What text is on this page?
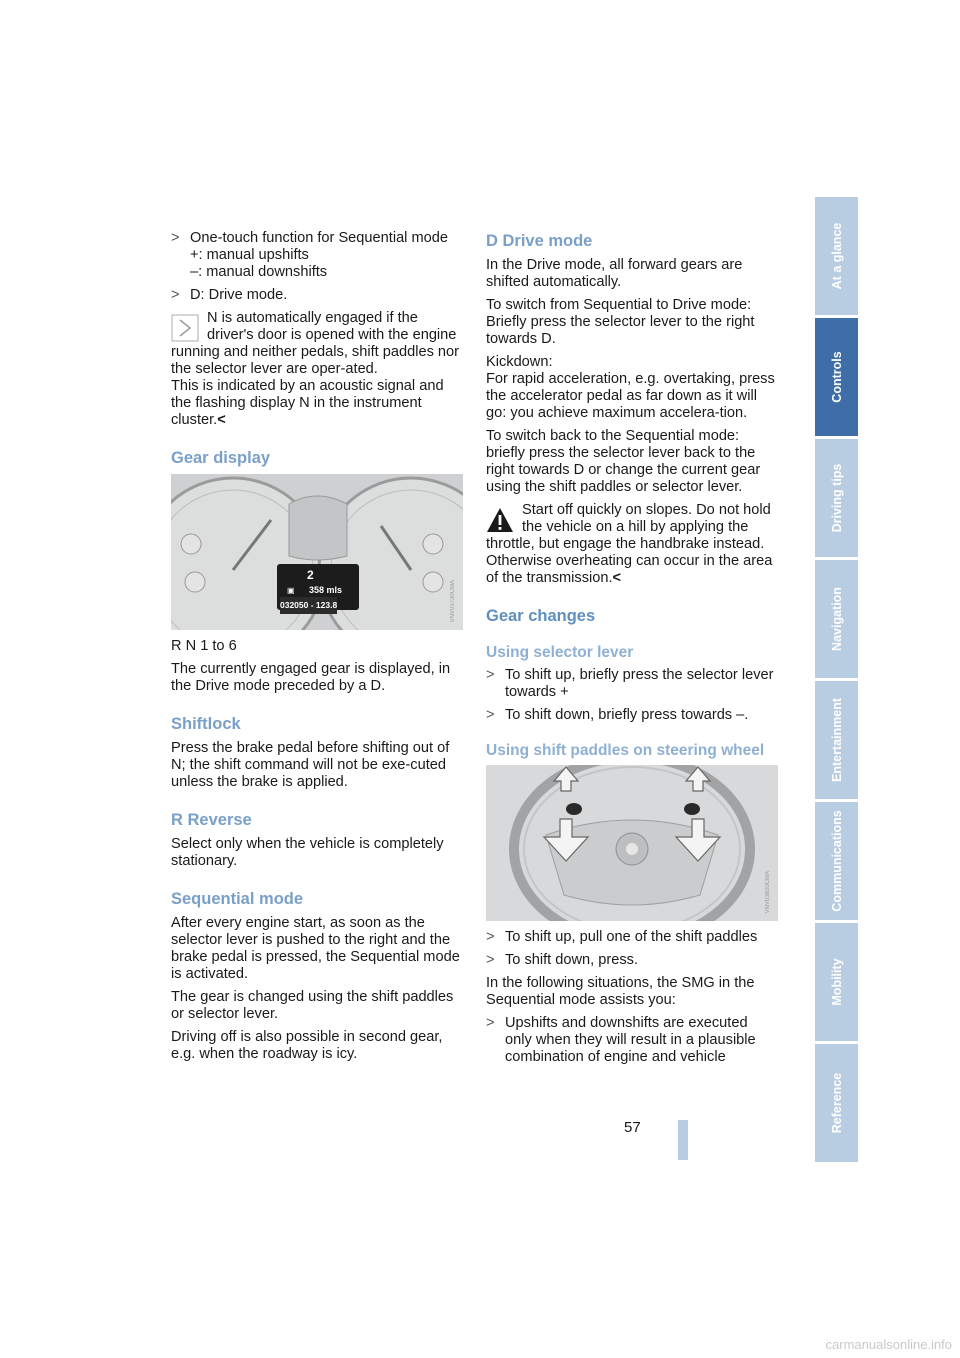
> One-touch function for Sequential mode
+: manual upshifts
–: manual downshifts
> D: Drive mode.
N is automatically engaged if the driver's door is opened with the engine running and neither pedals, shift paddles nor the selector lever are oper-ated.
This is indicated by an acoustic signal and the flashing display N in the instrument cluster.<
Gear display
2
358 mls
▣
032050 - 123.8	VNV03730CMA

R N 1 to 6

The currently engaged gear is displayed, in the Drive mode preceded by a D.

Shiftlock

Press the brake pedal before shifting out of N; the shift command will not be exe-cuted unless the brake is applied.

R Reverse

Select only when the vehicle is completely stationary.

Sequential mode

After every engine start, as soon as the selector lever is pushed to the right and the brake pedal is pressed, the Sequential mode is activated.

The gear is changed using the shift paddles or selector lever.

Driving off is also possible in second gear, e.g. when the roadway is icy.

D Drive mode

In the Drive mode, all forward gears are shifted automatically.

To switch from Sequential to Drive mode: Briefly press the selector lever to the right towards D.

Kickdown:
For rapid acceleration, e.g. overtaking, press the accelerator pedal as far down as it will go: you achieve maximum accelera-tion.

To switch back to the Sequential mode: briefly press the selector lever back to the right towards D or change the current gear using the shift paddles or selector lever.

Start off quickly on slopes. Do not hold the vehicle on a hill by applying the throttle, but engage the handbrake instead. Otherwise overheating can occur in the area of the transmission.<
Gear changes
Using selector lever
> To shift up, briefly press the selector lever towards +
> To shift down, briefly press towards –.
Using shift paddles on steering wheel
VNV03820CMA
> To shift up, pull one of the shift paddles
> To shift down, press.

In the following situations, the SMG in the Sequential mode assists you:

> Upshifts and downshifts are executed only when they will result in a plausible combination of engine and vehicle
At a glance
Controls
Driving tips
Navigation
Entertainment
Communications
Mobility
Reference
57
carmanualsonline.info
